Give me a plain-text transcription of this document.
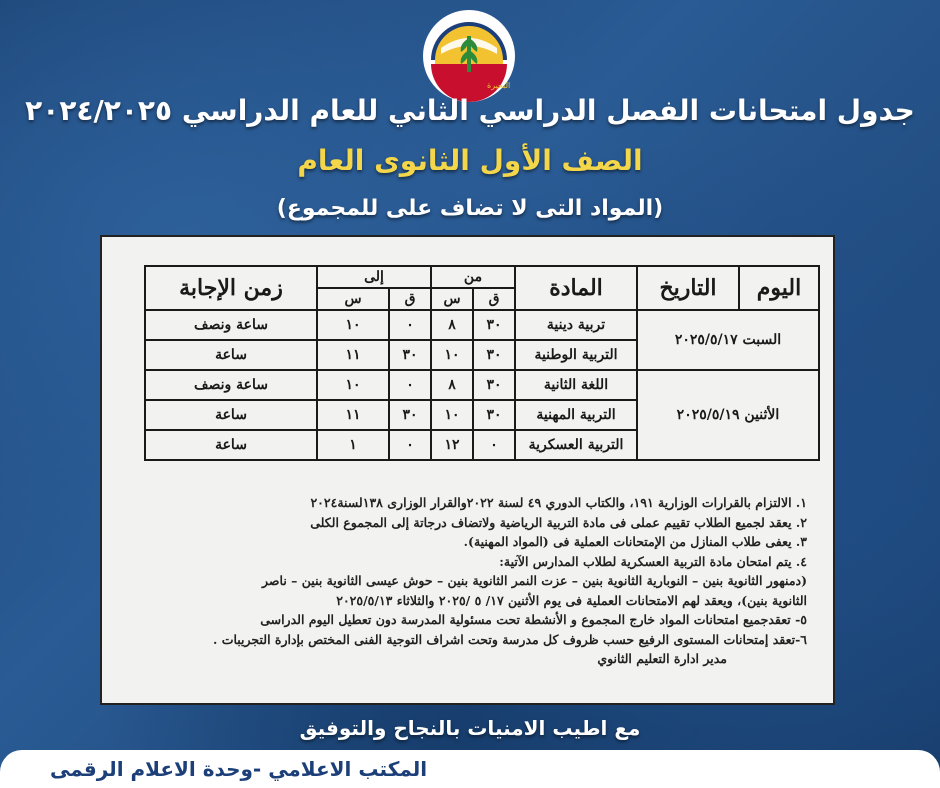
البحيرة
جدول امتحانات الفصل الدراسي الثاني للعام الدراسي ٢٠٢٤/٢٠٢٥
الصف الأول الثانوى العام
(المواد التى لا تضاف على للمجموع)
اليوم	التاريخ	المادة	من		إلى		زمن الإجابة
			ق	س	ق	س	
السبت ٢٠٢٥/٥/١٧		تربية دينية	٣٠	٨	٠	١٠	ساعة ونصف
		التربية الوطنية	٣٠	١٠	٣٠	١١	ساعة
الأثنين ٢٠٢٥/٥/١٩		اللغة الثانية	٣٠	٨	٠	١٠	ساعة ونصف
		التربية المهنية	٣٠	١٠	٣٠	١١	ساعة
		التربية العسكرية	٠	١٢	٠	١	ساعة
١. الالتزام بالقرارات الوزارية ١٩١، والكتاب الدوري ٤٩ لسنة ٢٠٢٢والقرار الوزارى ١٣٨لسنة٢٠٢٤
٢. يعقد لجميع الطلاب تقييم عملى فى مادة التربية الرياضية ولاتضاف درجاتة إلى المجموع الكلى
٣. يعفى طلاب المنازل من الإمتحانات العملية فى (المواد المهنية).
٤. يتم امتحان مادة التربية العسكرية لطلاب المدارس الآتية:
(دمنهور الثانوية بنين – النوبارية الثانوية بنين – عزت النمر الثانوية بنين – حوش عيسى الثانوية بنين – ناصر
الثانوية بنين)، ويعقد لهم الامتحانات العملية فى يوم الأثنين ١٧/ ٥ /٢٠٢٥ والثلاثاء ٢٠٢٥/٥/١٣
٥- تعقدجميع امتحانات المواد خارج المجموع و الأنشطة تحت مسئولية المدرسة دون تعطيل اليوم الدراسى
٦-تعقد إمتحانات المستوى الرفيع حسب ظروف كل مدرسة وتحت اشراف التوجية الفنى المختص بإدارة التجريبات .
مدير ادارة التعليم الثانوي
مع اطيب الامنيات بالنجاح والتوفيق
المكتب الاعلامي -وحدة الاعلام الرقمى
